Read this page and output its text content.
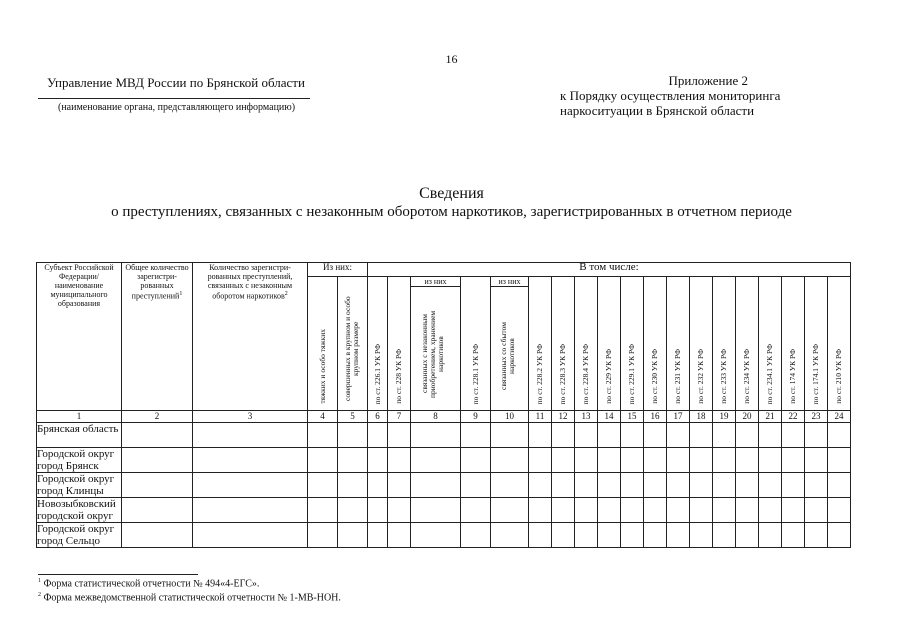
16
Управление МВД России по Брянской области
(наименование органа, представляющего информацию)
Приложение 2
к Порядку осуществления мониторинга
наркоситуации в Брянской области
Сведения
о преступлениях, связанных с незаконным оборотом наркотиков, зарегистрированных в отчетном периоде
Субъект Российской Федерации/ наименование муниципального образования	Общее количество зарегистри-рованных преступлений$^1$	Количество зарегистри-рованных преступлений, связанных с незаконным оборотом наркотиков$^2$	Из них:		В том числе:																		

			тяжких и особо тяжких	совершенных в крупном и особо крупном размере	по ст. 226.1 УК РФ	по ст. 228 УК РФ	из них	по ст. 228.1 УК РФ	из них	по ст. 228.2 УК РФ	по ст. 228.3 УК РФ	по ст. 228.4 УК РФ	по ст. 229 УК РФ	по ст. 229.1 УК РФ	по ст. 230 УК РФ	по ст. 231 УК РФ	по ст. 232 УК РФ	по ст. 233 УК РФ	по ст. 234 УК РФ	по ст. 234.1 УК РФ	по ст. 174 УК РФ	по ст. 174.1 УК РФ	по ст. 210 УК РФ

							связанных с незаконным приобретением, хранением наркотиков		связанных со сбытом наркотиков														

1	2	3	4	5	6	7	8	9	10	11	12	13	14	15	16	17	18	19	20	21	22	23	24
Брянская область																							
Городской округ город Брянск																							
Городской округ город Клинцы																							
Новозыбковский городской округ																							
Городской округ город Сельцо																							
$^1$ Форма статистической отчетности № 494«4-ЕГС».
$^2$ Форма межведомственной статистической отчетности № 1-МВ-НОН.
